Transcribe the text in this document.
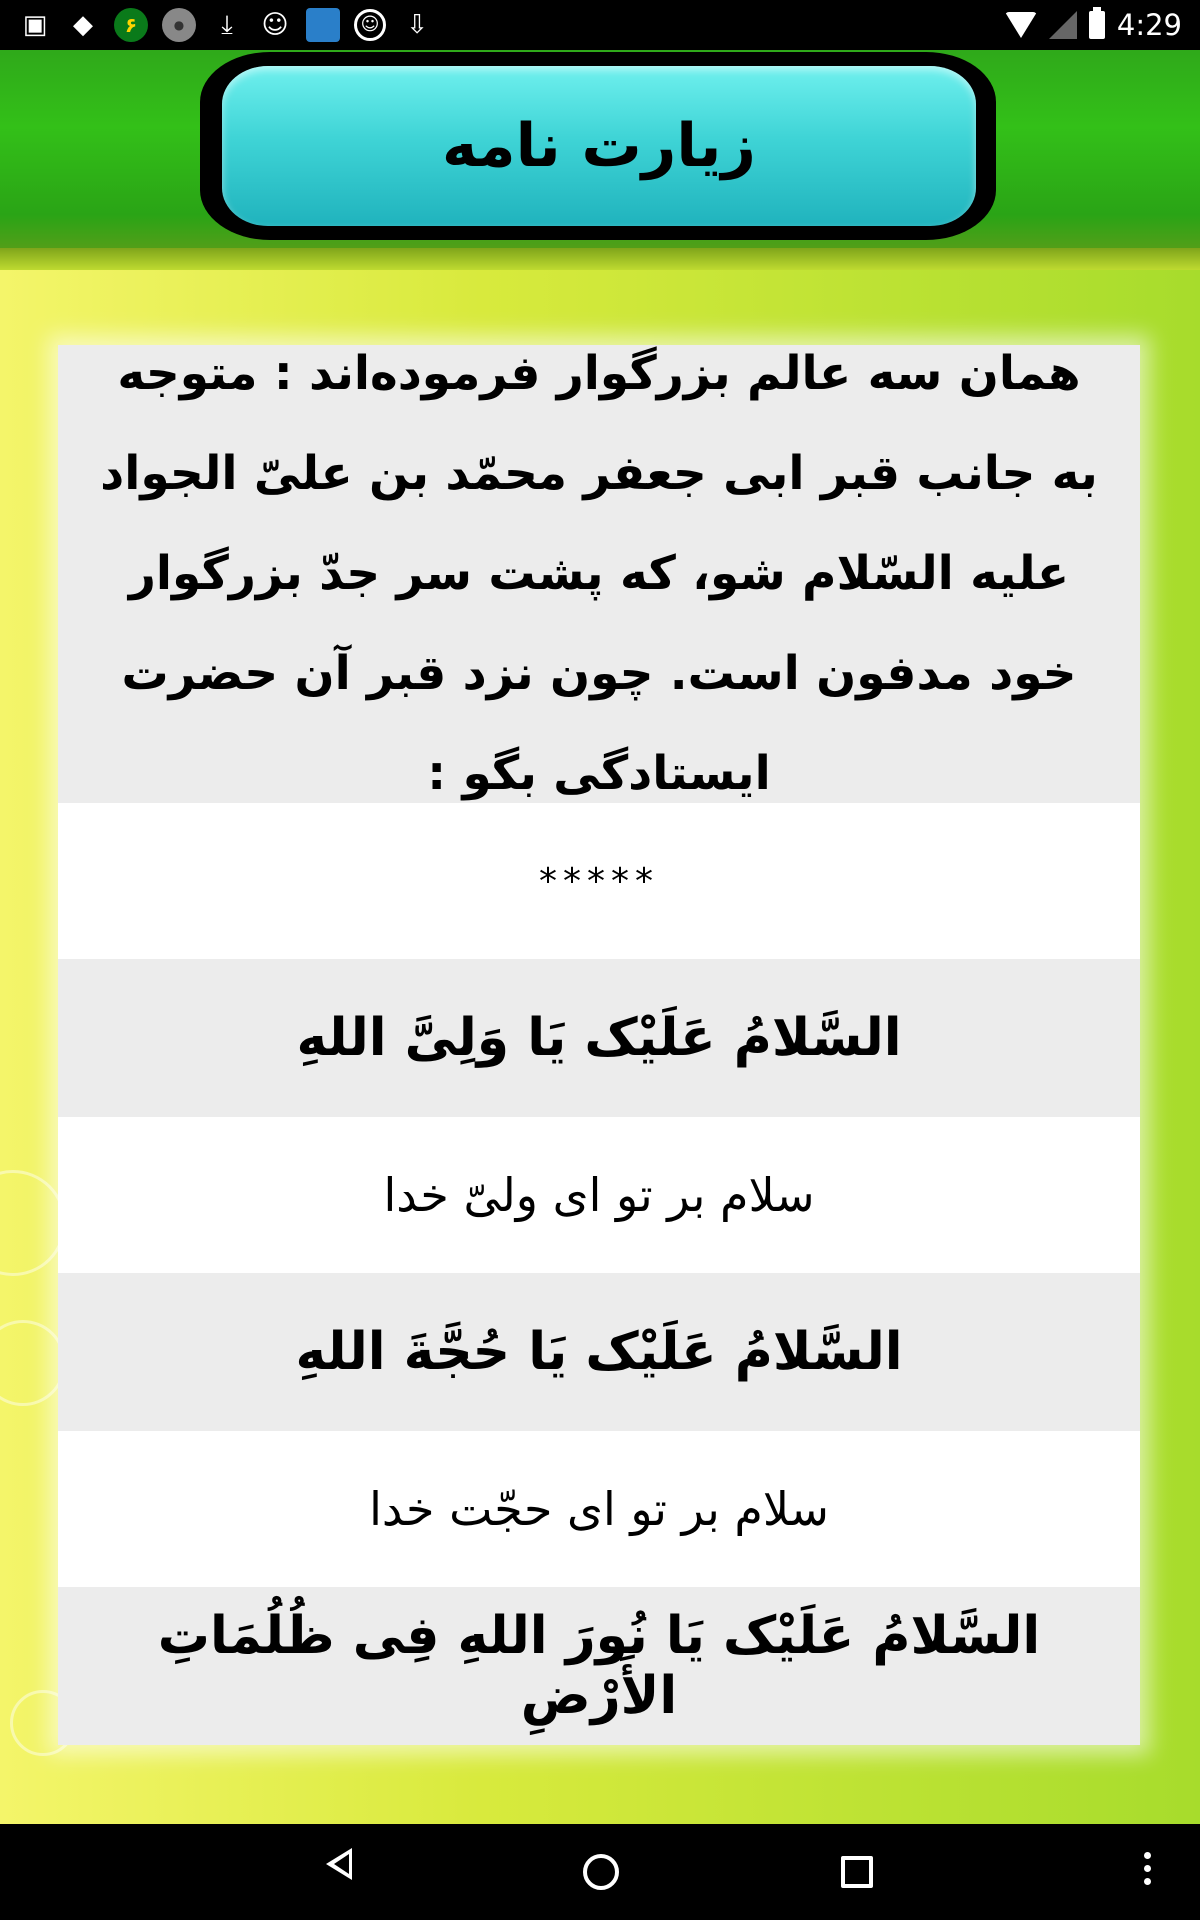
▣ ◆	۶	●	⤓	☺	☺ ⇩	4:29
زیارت نامه
همان سه عالم بزرگوار فرموده‌اند : متوجه به جانب قبر ابی جعفر محمّد بن علیّ الجواد علیه السّلام شو، که پشت سر جدّ بزرگوار خود مدفون است. چون نزد قبر آن حضرت ایستادگی بگو :
*****
السَّلامُ عَلَیْک یَا وَلِیَّ اللهِ
سلام بر تو ای ولیّ خدا
السَّلامُ عَلَیْک یَا حُجَّةَ اللهِ
سلام بر تو ای حجّت خدا
السَّلامُ عَلَیْک یَا نُورَ اللهِ فِی ظُلُمَاتِ الأَرْضِ
